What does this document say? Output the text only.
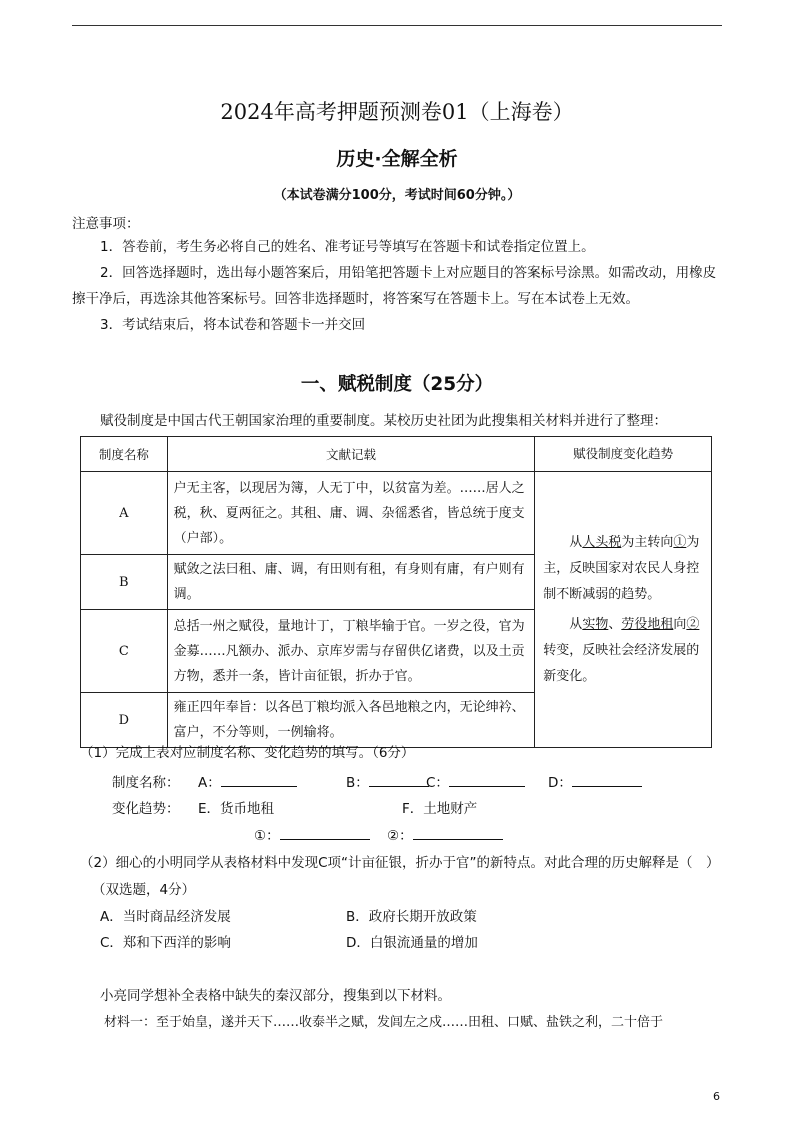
2024年高考押题预测卷01（上海卷）
历史·全解全析
（本试卷满分100分，考试时间60分钟。）
注意事项：
1．答卷前，考生务必将自己的姓名、准考证号等填写在答题卡和试卷指定位置上。
2．回答选择题时，选出每小题答案后，用铅笔把答题卡上对应题目的答案标号涂黑。如需改动，用橡皮擦干净后，再选涂其他答案标号。回答非选择题时，将答案写在答题卡上。写在本试卷上无效。
3．考试结束后，将本试卷和答题卡一并交回
一、赋税制度（25分）
赋役制度是中国古代王朝国家治理的重要制度。某校历史社团为此搜集相关材料并进行了整理：
制度名称	文献记载	赋役制度变化趋势
A	户无主客，以现居为簿，人无丁中，以贫富为差。……居人之税，秋、夏两征之。其租、庸、调、杂徭悉省，皆总统于度支（户部）。	从人头税为主转向①为主，反映国家对农民人身控制不断减弱的趋势。
从实物、劳役地租向②转变，反映社会经济发展的新变化。

B	赋敛之法曰租、庸、调，有田则有租，有身则有庸，有户则有调。	
C	总括一州之赋役，量地计丁，丁粮毕输于官。一岁之役，官为金募……凡额办、派办、京库岁需与存留供亿诸费，以及土贡方物，悉并一条，皆计亩征银，折办于官。	
D	雍正四年奉旨：以各邑丁粮均派入各邑地粮之内，无论绅衿、富户，不分等则，一例输将。	
（1）完成上表对应制度名称、变化趋势的填写。（6分）
制度名称： A：	B：	C：	D：
变化趋势： E．货币地租	F．土地财产
①：	②：
（2）细心的小明同学从表格材料中发现C项“计亩征银，折办于官”的新特点。对此合理的历史解释是（　）
（双选题，4分）
A．当时商品经济发展	B．政府长期开放政策
C．郑和下西洋的影响	D．白银流通量的增加
小亮同学想补全表格中缺失的秦汉部分，搜集到以下材料。
材料一：至于始皇，遂并天下……收泰半之赋，发闾左之戍……田租、口赋、盐铁之利，二十倍于
6
